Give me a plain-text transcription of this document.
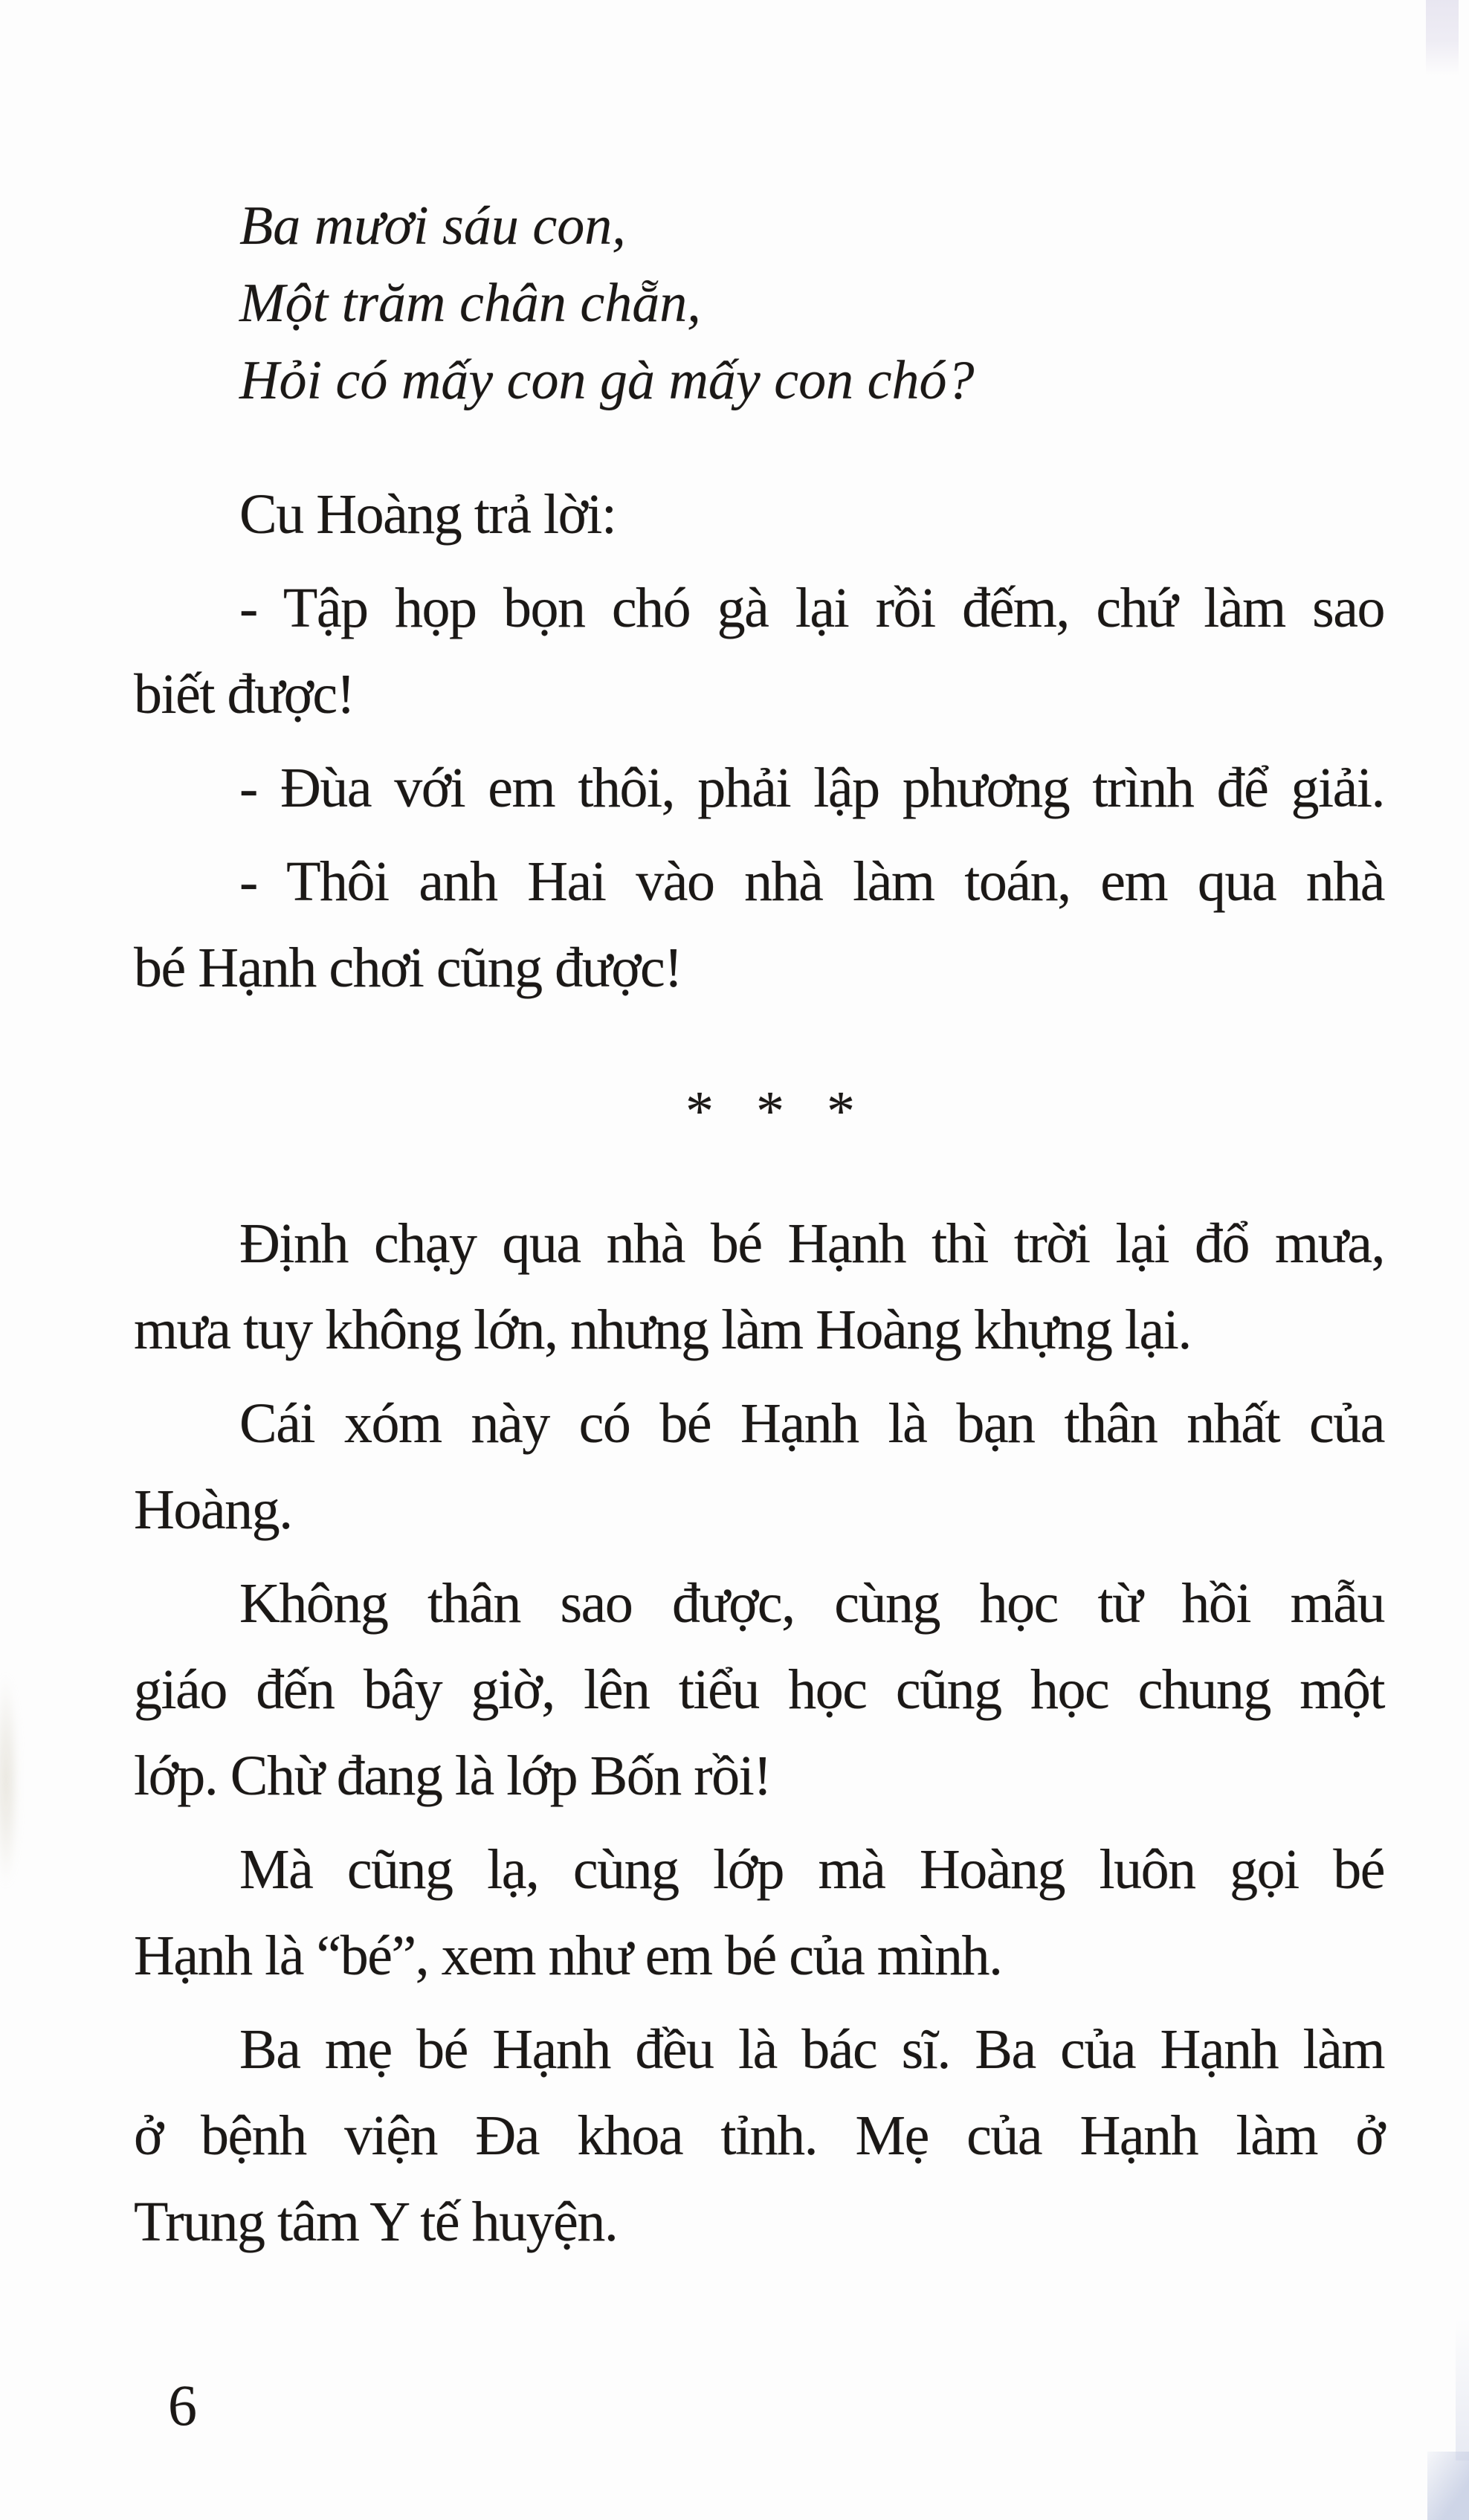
Ba mươi sáu con,
Một trăm chân chẵn,
Hỏi có mấy con gà mấy con chó?
Cu Hoàng trả lời:
- Tập họp bọn chó gà lại rồi đếm, chứ làm sao
biết được!
- Đùa với em thôi, phải lập phương trình để giải.
- Thôi anh Hai vào nhà làm toán, em qua nhà
bé Hạnh chơi cũng được!
* * *
Định chạy qua nhà bé Hạnh thì trời lại đổ mưa,
mưa tuy không lớn, nhưng làm Hoàng khựng lại.
Cái xóm này có bé Hạnh là bạn thân nhất của
Hoàng.
Không thân sao được, cùng học từ hồi mẫu
giáo đến bây giờ, lên tiểu học cũng học chung một
lớp. Chừ đang là lớp Bốn rồi!
Mà cũng lạ, cùng lớp mà Hoàng luôn gọi bé
Hạnh là “bé”, xem như em bé của mình.
Ba mẹ bé Hạnh đều là bác sĩ. Ba của Hạnh làm
ở bệnh viện Đa khoa tỉnh. Mẹ của Hạnh làm ở
Trung tâm Y tế huyện.
6
